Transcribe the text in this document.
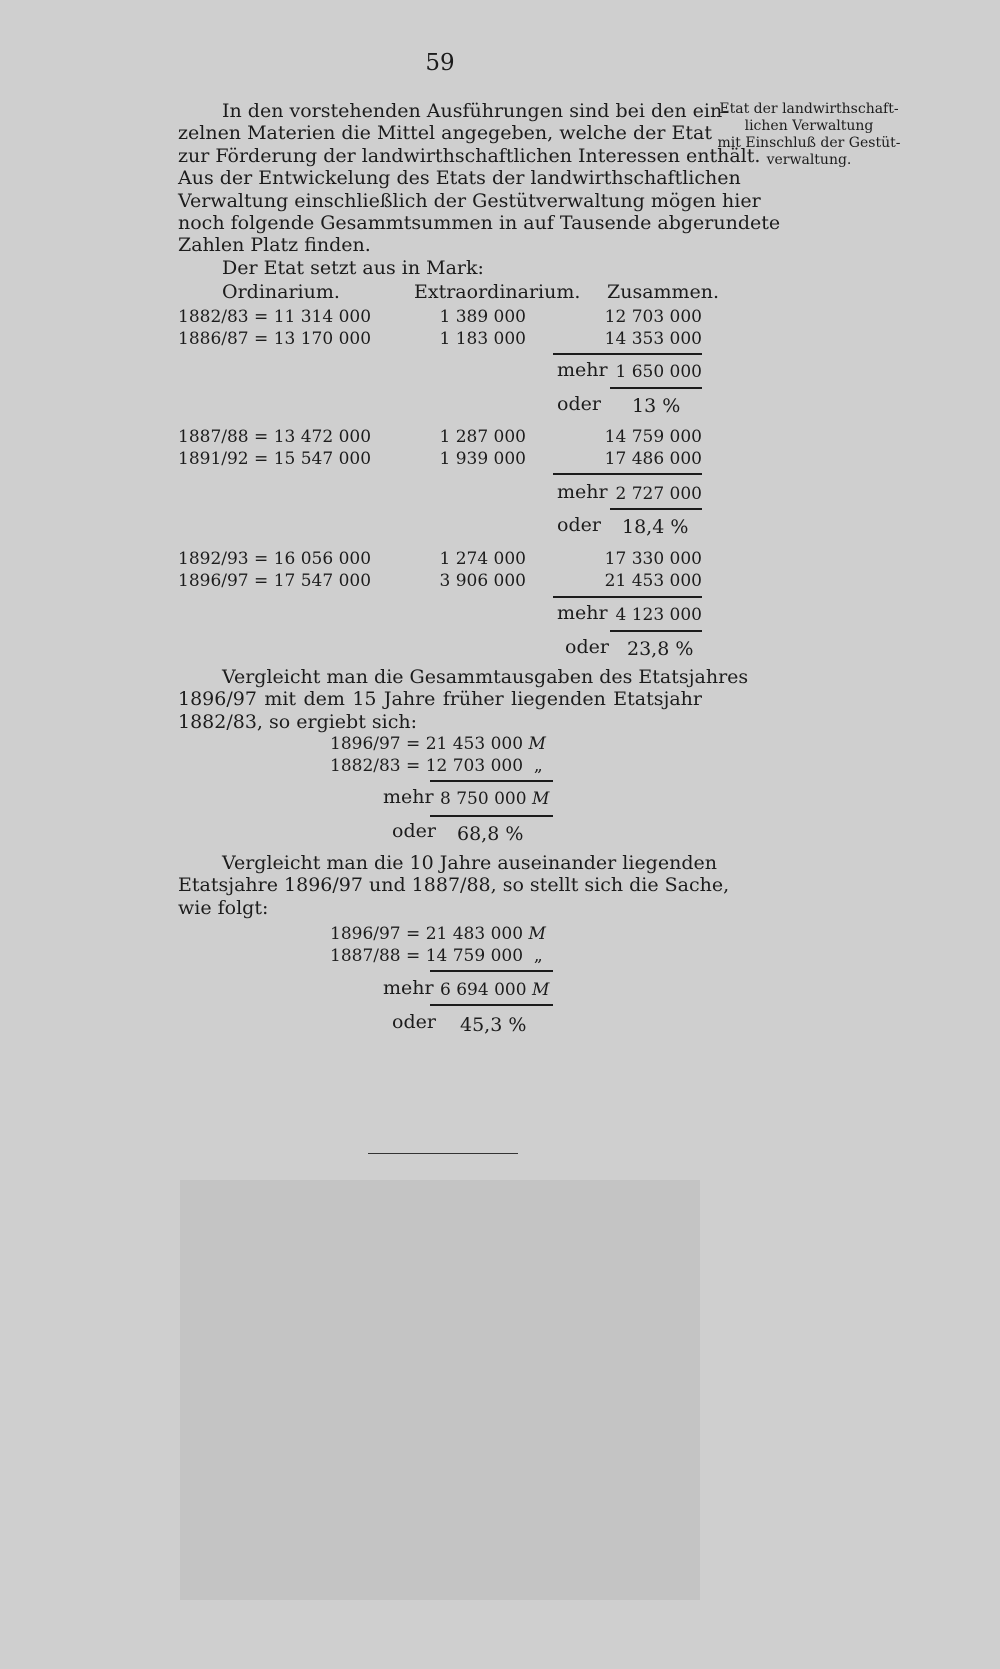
59
Etat der landwirthschaft-
lichen Verwaltung
mit Einschluß der Gestüt-
verwaltung.
In den vorstehenden Ausführungen sind bei den ein-
zelnen Materien die Mittel angegeben, welche der Etat
zur Förderung der landwirthschaftlichen Interessen enthält.
Aus der Entwickelung des Etats der landwirthschaftlichen
Verwaltung einschließlich der Gestütverwaltung mögen hier
noch folgende Gesammtsummen in auf Tausende abgerundete
Zahlen Platz finden.
Der Etat setzt aus in Mark:
Ordinarium.	Extraordinarium. Zusammen.
1882/83 = 11 314 000	1 389 000	12 703 000
1886/87 = 13 170 000	1 183 000	14 353 000
mehr 1 650 000
oder 13 %
1887/88 = 13 472 000	1 287 000	14 759 000
1891/92 = 15 547 000	1 939 000	17 486 000
mehr 2 727 000
oder 18,4 %
1892/93 = 16 056 000	1 274 000	17 330 000
1896/97 = 17 547 000	3 906 000	21 453 000
mehr 4 123 000
oder 23,8 %
Vergleicht man die Gesammtausgaben des Etatsjahres
1896/97 mit dem 15 Jahre früher liegenden Etatsjahr
1882/83, so ergiebt sich:
1896/97 = 21 453 000 M
1882/83 = 12 703 000 „
mehr 8 750 000 M
oder 68,8 %
Vergleicht man die 10 Jahre auseinander liegenden
Etatsjahre 1896/97 und 1887/88, so stellt sich die Sache,
wie folgt:
1896/97 = 21 483 000 M
1887/88 = 14 759 000 „
mehr 6 694 000 M
oder 45,3 %
